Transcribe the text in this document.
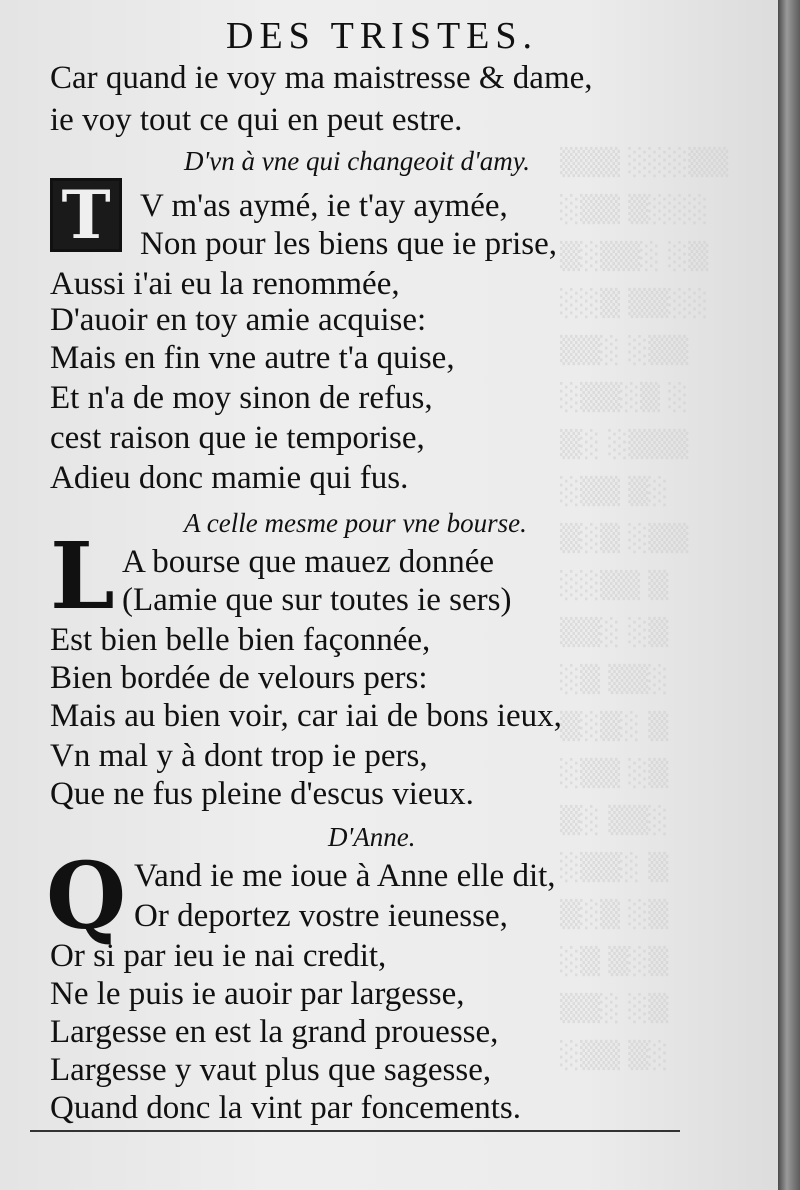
▒▒▒ ░░░▒▒
░▒▒ ▒░░░
▒░▒▒░ ░▒
░░▒ ▒▒░░
▒▒░ ░▒▒
░▒▒░▒ ░
▒░ ░▒▒▒
░▒▒ ▒░
▒░▒ ░▒▒
░░▒▒ ▒
▒▒░ ░▒
░▒ ▒▒░
▒░▒░ ▒
░▒▒ ░▒
▒░ ▒▒░
░▒▒░ ▒
▒░▒ ░▒
░▒ ▒░▒
▒▒░ ░▒
░▒▒ ▒░
DES TRISTES.
Car quand ie voy ma maistresse & dame,
ie voy tout ce qui en peut estre.
D'vn à vne qui changeoit d'amy.
T V m'as aymé, ie t'ay aymée,
Non pour les biens que ie prise,
Aussi i'ai eu la renommée,
D'auoir en toy amie acquise:
Mais en fin vne autre t'a quise,
Et n'a de moy sinon de refus,
cest raison que ie temporise,
Adieu donc mamie qui fus.
A celle mesme pour vne bourse.
L A bourse que mauez donnée
(Lamie que sur toutes ie sers)
Est bien belle bien façonnée,
Bien bordée de velours pers:
Mais au bien voir, car iai de bons ieux,
Vn mal y à dont trop ie pers,
Que ne fus pleine d'escus vieux.
D'Anne.
Q Vand ie me ioue à Anne elle dit,
Or deportez vostre ieunesse,
Or si par ieu ie nai credit,
Ne le puis ie auoir par largesse,
Largesse en est la grand prouesse,
Largesse y vaut plus que sagesse,
Quand donc la vint par foncements.
